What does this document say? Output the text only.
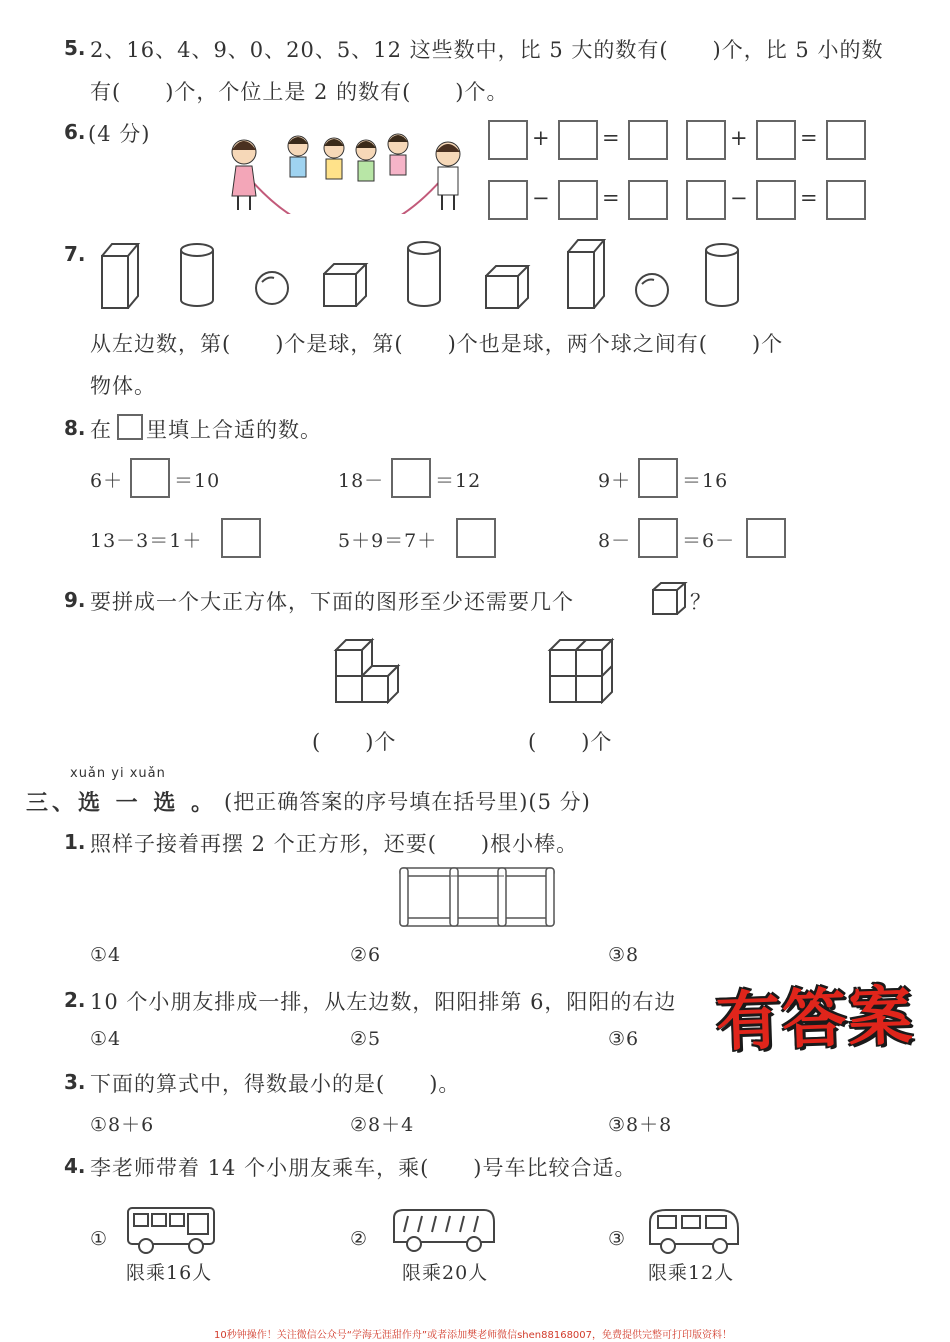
5. 2、16、4、9、0、20、5、12 这些数中，比 5 大的数有(　　)个，比 5 小的数
有(　　)个，个位上是 2 的数有(　　)个。
6. (4 分)	+ =	+ =
− =	− =
7.
从左边数，第(　　)个是球，第(　　)个也是球，两个球之间有(　　)个
物体。
8. 在 里填上合适的数。
6＋	＝10	18－	＝12	9＋	＝16
13－3＝1＋	5＋9＝7＋	8－	＝6－
9. 要拼成一个大正方体，下面的图形至少还需要几个	？
(　　)个	(　　)个
xuǎn yi xuǎn
三、选 一 选 。 (把正确答案的序号填在括号里)(5 分)
1. 照样子接着再摆 2 个正方形，还要(　　)根小棒。
①4	②6	③8
2. 10 个小朋友排成一排，从左边数，阳阳排第 6，阳阳的右边
①4	②5	③6 有答案
3. 下面的算式中，得数最小的是(　　)。
①8＋6	②8＋4	③8＋8
4. 李老师带着 14 个小朋友乘车，乘(　　)号车比较合适。
①
限乘16人
②
限乘20人
③
限乘12人
10秒钟操作！关注微信公众号“学海无涯甜作舟”或者添加樊老师微信shen88168007，免费提供完整可打印版资料！
